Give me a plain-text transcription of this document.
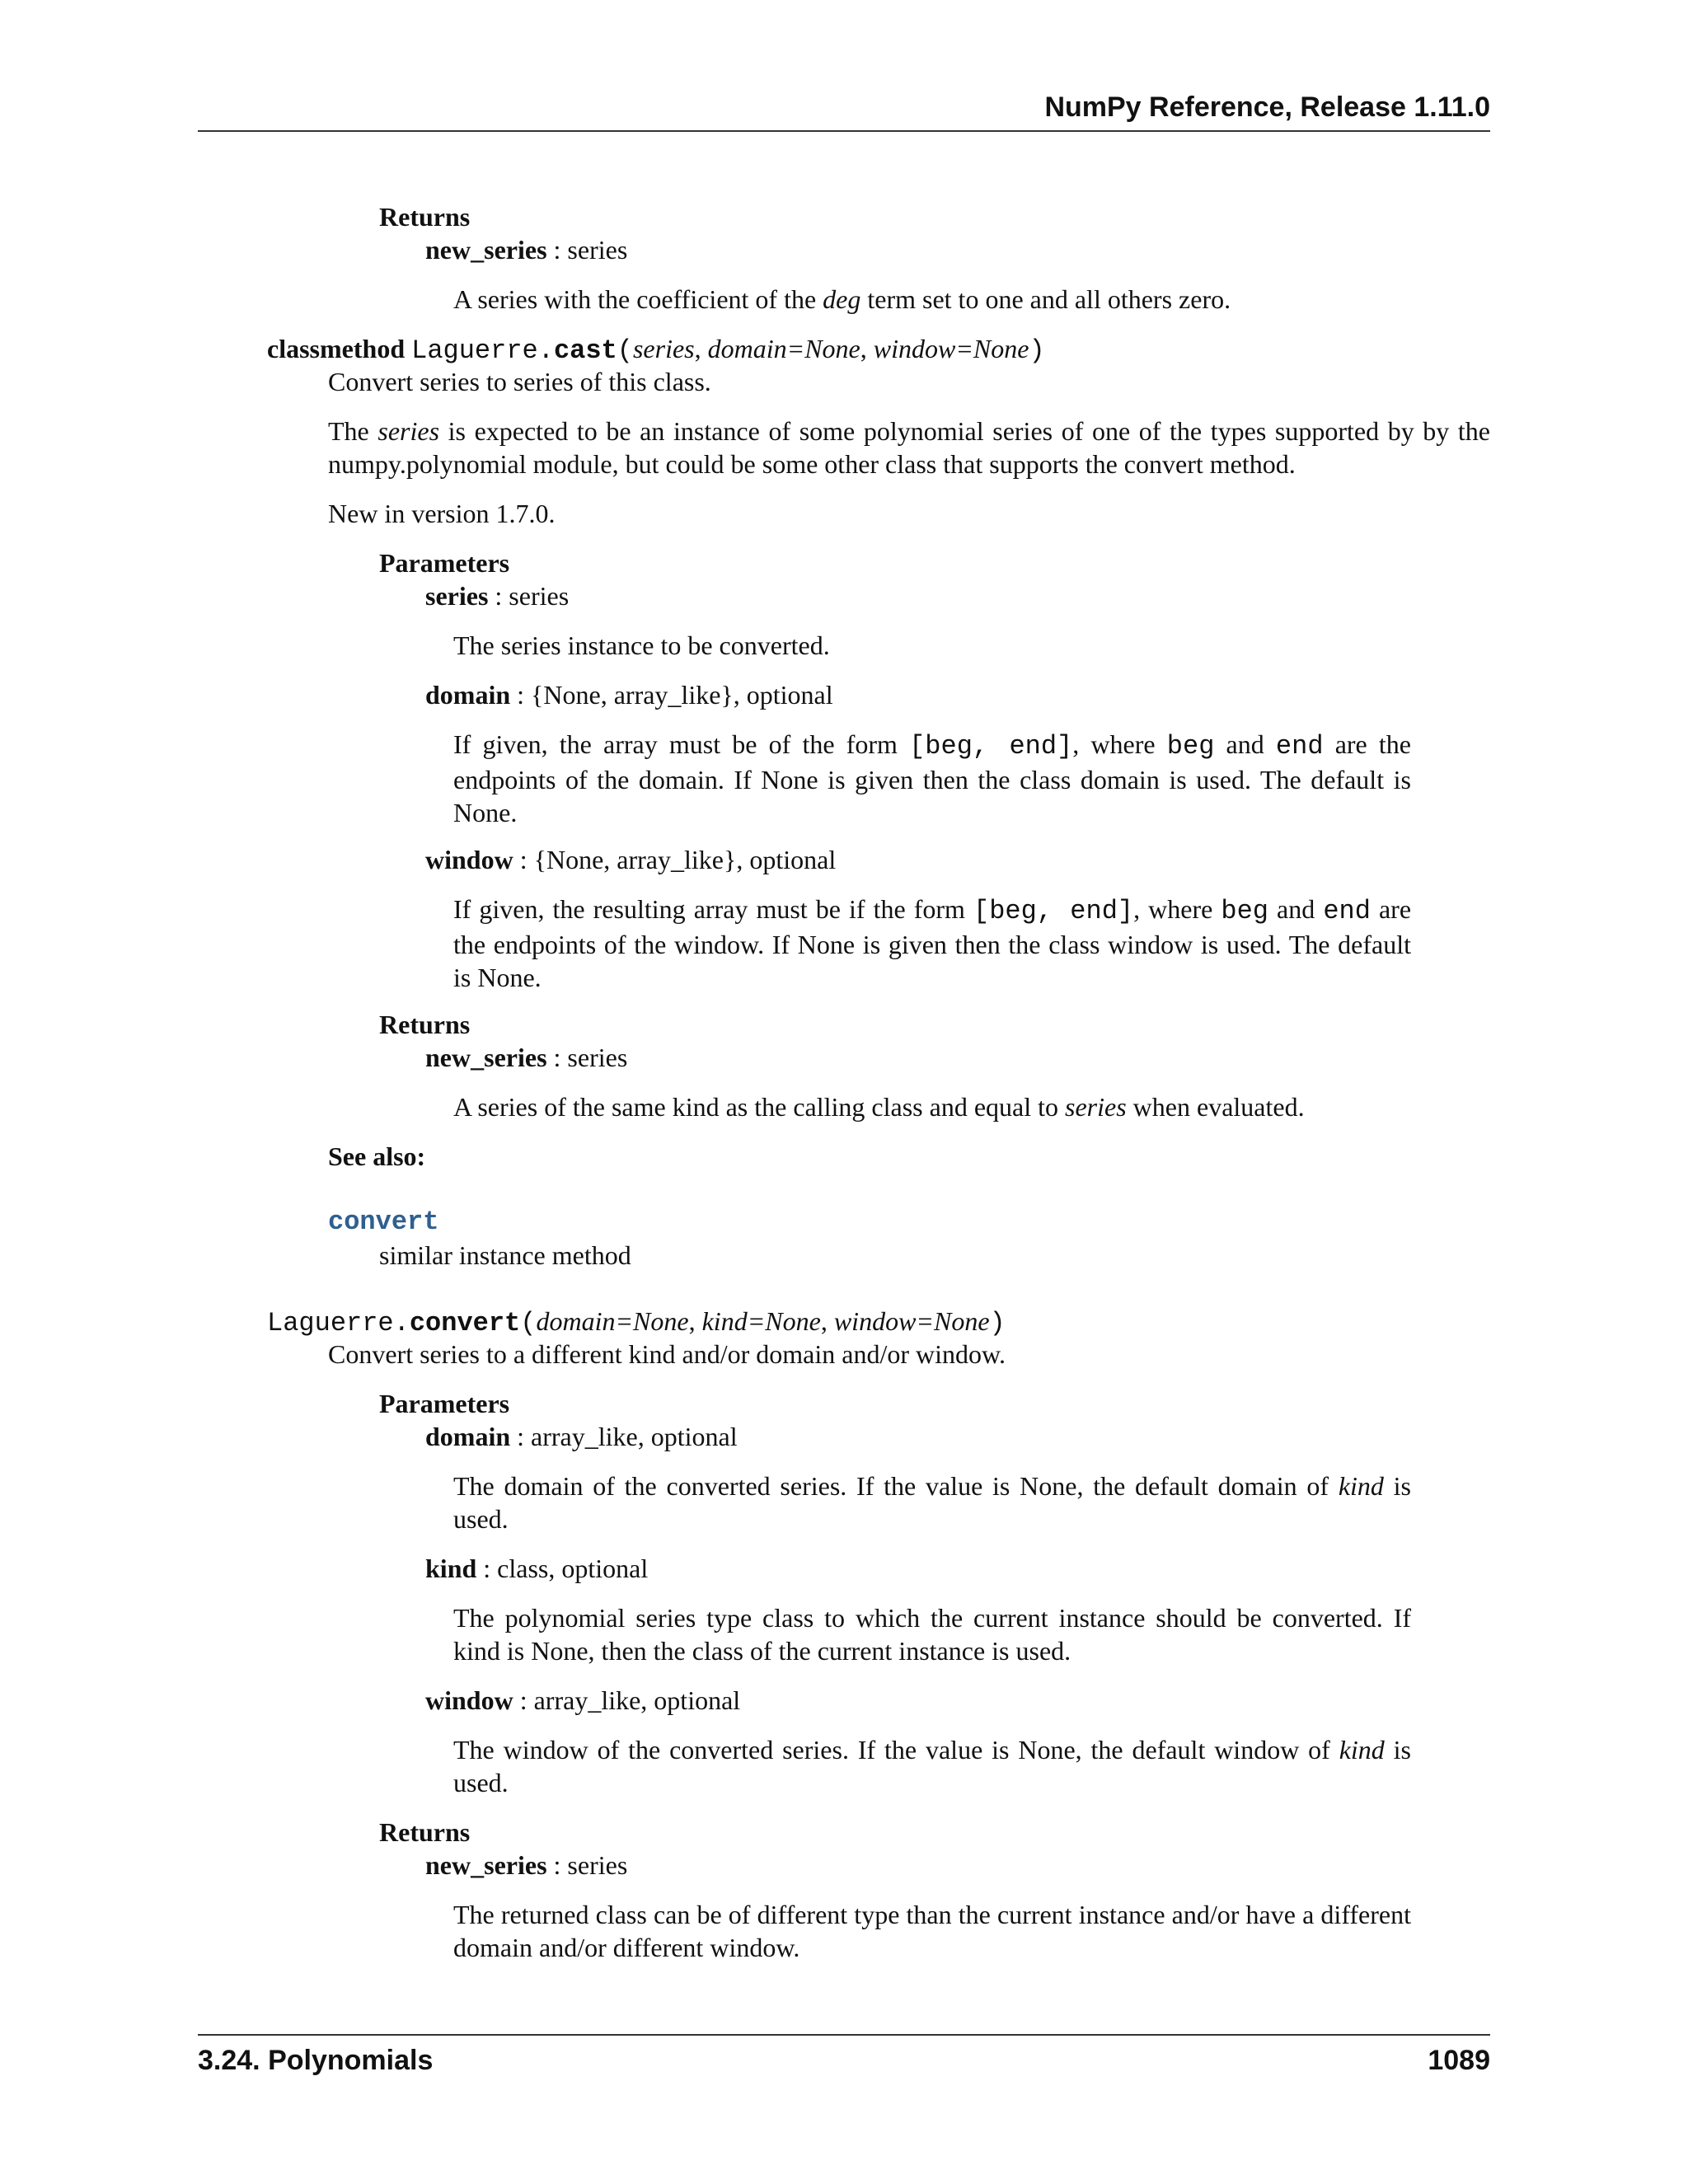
NumPy Reference, Release 1.11.0
Returns
new_series : series
A series with the coefficient of the deg term set to one and all others zero.
classmethod Laguerre.cast(series, domain=None, window=None)
Convert series to series of this class.
The series is expected to be an instance of some polynomial series of one of the types supported by by the numpy.polynomial module, but could be some other class that supports the convert method.
New in version 1.7.0.
Parameters
series : series
The series instance to be converted.
domain : {None, array_like}, optional
If given, the array must be of the form [beg, end], where beg and end are the endpoints of the domain. If None is given then the class domain is used. The default is None.
window : {None, array_like}, optional
If given, the resulting array must be if the form [beg, end], where beg and end are the endpoints of the window. If None is given then the class window is used. The default is None.
Returns
new_series : series
A series of the same kind as the calling class and equal to series when evaluated.
See also:
convert
similar instance method
Laguerre.convert(domain=None, kind=None, window=None)
Convert series to a different kind and/or domain and/or window.
Parameters
domain : array_like, optional
The domain of the converted series. If the value is None, the default domain of kind is used.
kind : class, optional
The polynomial series type class to which the current instance should be converted. If kind is None, then the class of the current instance is used.
window : array_like, optional
The window of the converted series. If the value is None, the default window of kind is used.
Returns
new_series : series
The returned class can be of different type than the current instance and/or have a different domain and/or different window.
3.24. Polynomials	1089
